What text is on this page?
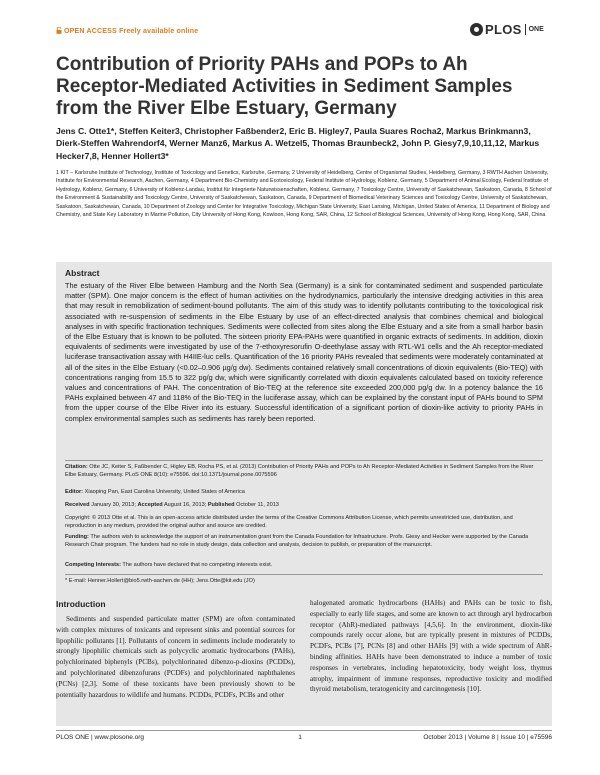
OPEN ACCESS Freely available online	PLOS ONE
Contribution of Priority PAHs and POPs to Ah Receptor-Mediated Activities in Sediment Samples from the River Elbe Estuary, Germany

Jens C. Otte1*, Steffen Keiter3, Christopher Faßbender2, Eric B. Higley7, Paula Suares Rocha2, Markus Brinkmann3, Dierk-Steffen Wahrendorf4, Werner Manz6, Markus A. Wetzel5, Thomas Braunbeck2, John P. Giesy7,9,10,11,12, Markus Hecker7,8, Henner Hollert3*

1 KIT – Karlsruhe Institute of Technology, Institute of Toxicology and Genetics, Karlsruhe, Germany, 2 University of Heidelberg, Centre of Organismal Studies, Heidelberg, Germany, 3 RWTH Aachen University, Institute for Environmental Research, Aachen, Germany, 4 Department Bio-Chemistry and Ecotoxicology, Federal Institute of Hydrology, Koblenz, Germany, 5 Department of Animal Ecology, Federal Institute of Hydrology, Koblenz, Germany, 6 University of Koblenz-Landau, Institut für Integrierte Naturwissenschaften, Koblenz, Germany, 7 Toxicology Centre, University of Saskatchewan, Saskatoon, Canada, 8 School of the Environment & Sustainability and Toxicology Centre, University of Saskatchewan, Saskatoon, Canada, 9 Department of Biomedical Veterinary Sciences and Toxicology Centre, University of Saskatchewan, Saskatoon, Saskatchewan, Canada, 10 Department of Zoology and Center for Integrative Toxicology, Michigan State University, East Lansing, Michigan, United States of America, 11 Department of Biology and Chemistry, and State Key Laboratory in Marine Pollution, City University of Hong Kong, Kowloon, Hong Kong, SAR, China, 12 School of Biological Sciences, University of Hong Kong, Hong Kong, SAR, China

Abstract

The estuary of the River Elbe between Hamburg and the North Sea (Germany) is a sink for contaminated sediment and suspended particulate matter (SPM). One major concern is the effect of human activities on the hydrodynamics, particularly the intensive dredging activities in this area that may result in remobilization of sediment-bound pollutants. The aim of this study was to identify pollutants contributing to the toxicological risk associated with re-suspension of sediments in the Elbe Estuary by use of an effect-directed analysis that combines chemical and biological analyses in with specific fractionation techniques. Sediments were collected from sites along the Elbe Estuary and a site from a small harbor basin of the Elbe Estuary that is known to be polluted. The sixteen priority EPA-PAHs were quantified in organic extracts of sediments. In addition, dioxin equivalents of sediments were investigated by use of the 7-ethoxyresorufin O-deethylase assay with RTL-W1 cells and the Ah receptor-mediated luciferase transactivation assay with H4IIE-luc cells. Quantification of the 16 priority PAHs revealed that sediments were moderately contaminated at all of the sites in the Elbe Estuary (<0.02–0.906 µg/g dw). Sediments contained relatively small concentrations of dioxin equivalents (Bio-TEQ) with concentrations ranging from 15.5 to 322 pg/g dw, which were significantly correlated with dioxin equivalents calculated based on toxicity reference values and concentrations of PAH. The concentration of Bio-TEQ at the reference site exceeded 200,000 pg/g dw. In a potency balance the 16 PAHs explained between 47 and 118% of the Bio-TEQ in the luciferase assay, which can be explained by the constant input of PAHs bound to SPM from the upper course of the Elbe River into its estuary. Successful identification of a significant portion of dioxin-like activity to priority PAHs in complex environmental samples such as sediments has rarely been reported.

Citation: Otte JC, Keiter S, Faßbender C, Higley EB, Rocha PS, et al. (2013) Contribution of Priority PAHs and POPs to Ah Receptor-Mediated Activities in Sediment Samples from the River Elbe Estuary, Germany. PLoS ONE 8(10): e75596. doi:10.1371/journal.pone.0075596

Editor: Xiaoping Pan, East Carolina University, United States of America

Received January 30, 2013; Accepted August 16, 2013; Published October 11, 2013

Copyright: © 2013 Otte et al. This is an open-access article distributed under the terms of the Creative Commons Attribution License, which permits unrestricted use, distribution, and reproduction in any medium, provided the original author and source are credited.

Funding: The authors wish to acknowledge the support of an instrumentation grant from the Canada Foundation for Infrastructure. Profs. Giesy and Hecker were supported by the Canada Research Chair program. The funders had no role in study design, data collection and analysis, decision to publish, or preparation of the manuscript.

Competing Interests: The authors have declared that no competing interests exist.

* E-mail: Henner.Hollert@bio5.rwth-aachen.de (HH); Jens.Otte@kit.edu (JO)

Introduction

Sediments and suspended particulate matter (SPM) are often contaminated with complex mixtures of toxicants and represent sinks and potential sources for lipophilic pollutants [1]. Pollutants of concern in sediments include moderately to strongly lipophilic chemicals such as polycyclic aromatic hydrocarbons (PAHs), polychlorinated biphenyls (PCBs), polychlorinated dibenzo-p-dioxins (PCDDs), and polychlorinated dibenzofurans (PCDFs) and polychlorinated naphthalenes (PCNs) [2,3]. Some of these toxicants have been previously shown to be potentially hazardous to wildlife and humans. PCDDs, PCDFs, PCBs and other

halogenated aromatic hydrocarbons (HAHs) and PAHs can be toxic to fish, especially to early life stages, and some are known to act through aryl hydrocarbon receptor (AhR)-mediated pathways [4,5,6]. In the environment, dioxin-like compounds rarely occur alone, but are typically present in mixtures of PCDDs, PCDFs, PCBs [7], PCNs [8] and other HAHs [9] with a wide spectrum of AhR-binding affinities. HAHs have been demonstrated to induce a number of toxic responses in vertebrates, including hepatotoxicity, body weight loss, thymus atrophy, impairment of immune responses, reproductive toxicity and modified thyroid metabolism, teratogenicity and carcinogenesis [10].

PLOS ONE | www.plosone.org	1	October 2013 | Volume 8 | Issue 10 | e75596
